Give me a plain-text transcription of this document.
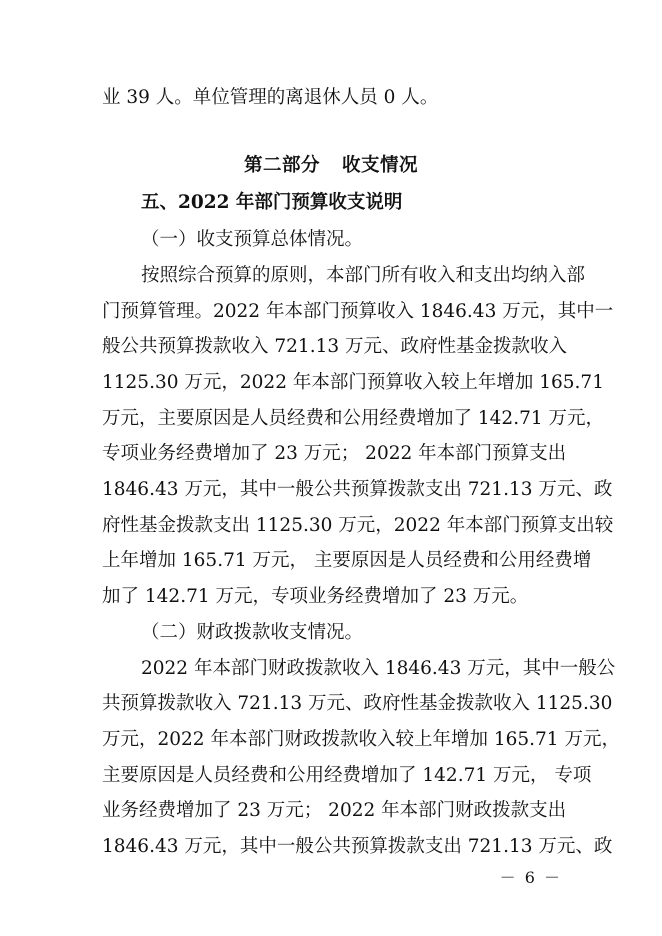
业 39 人。单位管理的离退休人员 0 人。
第二部分 收支情况
五、2022 年部门预算收支说明
（一）收支预算总体情况。
按照综合预算的原则，本部门所有收入和支出均纳入部
门预算管理。2022 年本部门预算收入 1846.43 万元，其中一
般公共预算拨款收入 721.13 万元、政府性基金拨款收入
1125.30 万元，2022 年本部门预算收入较上年增加 165.71
万元，主要原因是人员经费和公用经费增加了 142.71 万元，
专项业务经费增加了 23 万元； 2022 年本部门预算支出
1846.43 万元，其中一般公共预算拨款支出 721.13 万元、政
府性基金拨款支出 1125.30 万元，2022 年本部门预算支出较
上年增加 165.71 万元， 主要原因是人员经费和公用经费增
加了 142.71 万元，专项业务经费增加了 23 万元。
（二）财政拨款收支情况。
2022 年本部门财政拨款收入 1846.43 万元，其中一般公
共预算拨款收入 721.13 万元、政府性基金拨款收入 1125.30
万元，2022 年本部门财政拨款收入较上年增加 165.71 万元，
主要原因是人员经费和公用经费增加了 142.71 万元， 专项
业务经费增加了 23 万元； 2022 年本部门财政拨款支出
1846.43 万元，其中一般公共预算拨款支出 721.13 万元、政
－ 6 －
